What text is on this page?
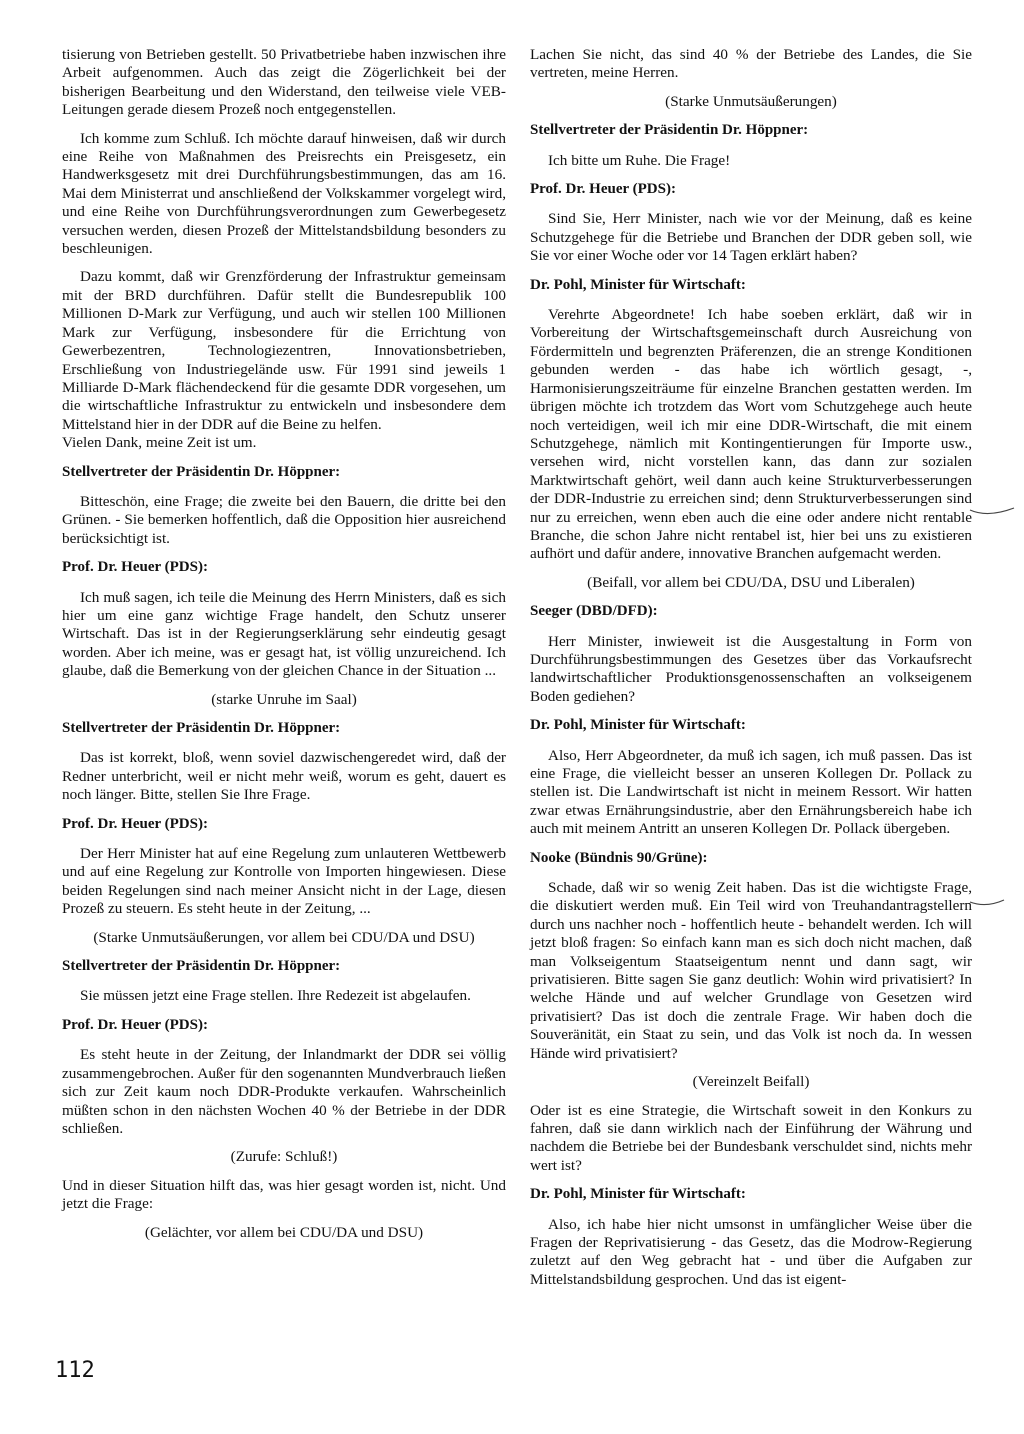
tisierung von Betrieben gestellt. 50 Privatbetriebe haben inzwischen ihre Arbeit aufgenommen. Auch das zeigt die Zögerlichkeit bei der bisherigen Bearbeitung und den Widerstand, den teilweise viele VEB-Leitungen gerade diesem Prozeß noch entgegenstellen.

Ich komme zum Schluß. Ich möchte darauf hinweisen, daß wir durch eine Reihe von Maßnahmen des Preisrechts ein Preisgesetz, ein Handwerksgesetz mit drei Durchführungsbestimmungen, das am 16. Mai dem Ministerrat und anschließend der Volkskammer vorgelegt wird, und eine Reihe von Durchführungsverordnungen zum Gewerbegesetz versuchen werden, diesen Prozeß der Mittelstandsbildung besonders zu beschleunigen.

Dazu kommt, daß wir Grenzförderung der Infrastruktur gemeinsam mit der BRD durchführen. Dafür stellt die Bundesrepublik 100 Millionen D-Mark zur Verfügung, und auch wir stellen 100 Millionen Mark zur Verfügung, insbesondere für die Errichtung von Gewerbezentren, Technologiezentren, Innovationsbetrieben, Erschließung von Industriegelände usw. Für 1991 sind jeweils 1 Milliarde D-Mark flächendeckend für die gesamte DDR vorgesehen, um die wirtschaftliche Infrastruktur zu entwickeln und insbesondere dem Mittelstand hier in der DDR auf die Beine zu helfen.

Vielen Dank, meine Zeit ist um.

Stellvertreter der Präsidentin Dr. Höppner:

Bitteschön, eine Frage; die zweite bei den Bauern, die dritte bei den Grünen. - Sie bemerken hoffentlich, daß die Opposition hier ausreichend berücksichtigt ist.

Prof. Dr. Heuer (PDS):

Ich muß sagen, ich teile die Meinung des Herrn Ministers, daß es sich hier um eine ganz wichtige Frage handelt, den Schutz unserer Wirtschaft. Das ist in der Regierungserklärung sehr eindeutig gesagt worden. Aber ich meine, was er gesagt hat, ist völlig unzureichend. Ich glaube, daß die Bemerkung von der gleichen Chance in der Situation ...

(starke Unruhe im Saal)
Stellvertreter der Präsidentin Dr. Höppner:

Das ist korrekt, bloß, wenn soviel dazwischengeredet wird, daß der Redner unterbricht, weil er nicht mehr weiß, worum es geht, dauert es noch länger. Bitte, stellen Sie Ihre Frage.

Prof. Dr. Heuer (PDS):

Der Herr Minister hat auf eine Regelung zum unlauteren Wettbewerb und auf eine Regelung zur Kontrolle von Importen hingewiesen. Diese beiden Regelungen sind nach meiner Ansicht nicht in der Lage, diesen Prozeß zu steuern. Es steht heute in der Zeitung, ...

(Starke Unmutsäußerungen, vor allem bei CDU/DA und DSU)
Stellvertreter der Präsidentin Dr. Höppner:

Sie müssen jetzt eine Frage stellen. Ihre Redezeit ist abgelaufen.

Prof. Dr. Heuer (PDS):

Es steht heute in der Zeitung, der Inlandmarkt der DDR sei völlig zusammengebrochen. Außer für den sogenannten Mundverbrauch ließen sich zur Zeit kaum noch DDR-Produkte verkaufen. Wahrscheinlich müßten schon in den nächsten Wochen 40 % der Betriebe in der DDR schließen.

(Zurufe: Schluß!)

Und in dieser Situation hilft das, was hier gesagt worden ist, nicht. Und jetzt die Frage:

(Gelächter, vor allem bei CDU/DA und DSU)

Lachen Sie nicht, das sind 40 % der Betriebe des Landes, die Sie vertreten, meine Herren.

(Starke Unmutsäußerungen)
Stellvertreter der Präsidentin Dr. Höppner:

Ich bitte um Ruhe. Die Frage!

Prof. Dr. Heuer (PDS):

Sind Sie, Herr Minister, nach wie vor der Meinung, daß es keine Schutzgehege für die Betriebe und Branchen der DDR geben soll, wie Sie vor einer Woche oder vor 14 Tagen erklärt haben?

Dr. Pohl, Minister für Wirtschaft:

Verehrte Abgeordnete! Ich habe soeben erklärt, daß wir in Vorbereitung der Wirtschaftsgemeinschaft durch Ausreichung von Fördermitteln und begrenzten Präferenzen, die an strenge Konditionen gebunden werden - das habe ich wörtlich gesagt, -, Harmonisierungszeiträume für einzelne Branchen gestatten werden. Im übrigen möchte ich trotzdem das Wort vom Schutzgehege auch heute noch verteidigen, weil ich mir eine DDR-Wirtschaft, die mit einem Schutzgehege, nämlich mit Kontingentierungen für Importe usw., versehen wird, nicht vorstellen kann, das dann zur sozialen Marktwirtschaft gehört, weil dann auch keine Strukturverbesserungen der DDR-Industrie zu erreichen sind; denn Strukturverbesserungen sind nur zu erreichen, wenn eben auch die eine oder andere nicht rentable Branche, die schon Jahre nicht rentabel ist, hier bei uns zu existieren aufhört und dafür andere, innovative Branchen aufgemacht werden.

(Beifall, vor allem bei CDU/DA, DSU und Liberalen)
Seeger (DBD/DFD):

Herr Minister, inwieweit ist die Ausgestaltung in Form von Durchführungsbestimmungen des Gesetzes über das Vorkaufsrecht landwirtschaftlicher Produktionsgenossenschaften an volkseigenem Boden gediehen?

Dr. Pohl, Minister für Wirtschaft:

Also, Herr Abgeordneter, da muß ich sagen, ich muß passen. Das ist eine Frage, die vielleicht besser an unseren Kollegen Dr. Pollack zu stellen ist. Die Landwirtschaft ist nicht in meinem Ressort. Wir hatten zwar etwas Ernährungsindustrie, aber den Ernährungsbereich habe ich auch mit meinem Antritt an unseren Kollegen Dr. Pollack übergeben.

Nooke (Bündnis 90/Grüne):

Schade, daß wir so wenig Zeit haben. Das ist die wichtigste Frage, die diskutiert werden muß. Ein Teil wird von Treuhandantragstellern durch uns nachher noch - hoffentlich heute - behandelt werden. Ich will jetzt bloß fragen: So einfach kann man es sich doch nicht machen, daß man Volkseigentum Staatseigentum nennt und dann sagt, wir privatisieren. Bitte sagen Sie ganz deutlich: Wohin wird privatisiert? In welche Hände und auf welcher Grundlage von Gesetzen wird privatisiert? Das ist doch die zentrale Frage. Wir haben doch die Souveränität, ein Staat zu sein, und das Volk ist noch da. In wessen Hände wird privatisiert?

(Vereinzelt Beifall)

Oder ist es eine Strategie, die Wirtschaft soweit in den Konkurs zu fahren, daß sie dann wirklich nach der Einführung der Währung und nachdem die Betriebe bei der Bundesbank verschuldet sind, nichts mehr wert ist?

Dr. Pohl, Minister für Wirtschaft:

Also, ich habe hier nicht umsonst in umfänglicher Weise über die Fragen der Reprivatisierung - das Gesetz, das die Modrow-Regierung zuletzt auf den Weg gebracht hat - und über die Aufgaben zur Mittelstandsbildung gesprochen. Und das ist eigent-

112
